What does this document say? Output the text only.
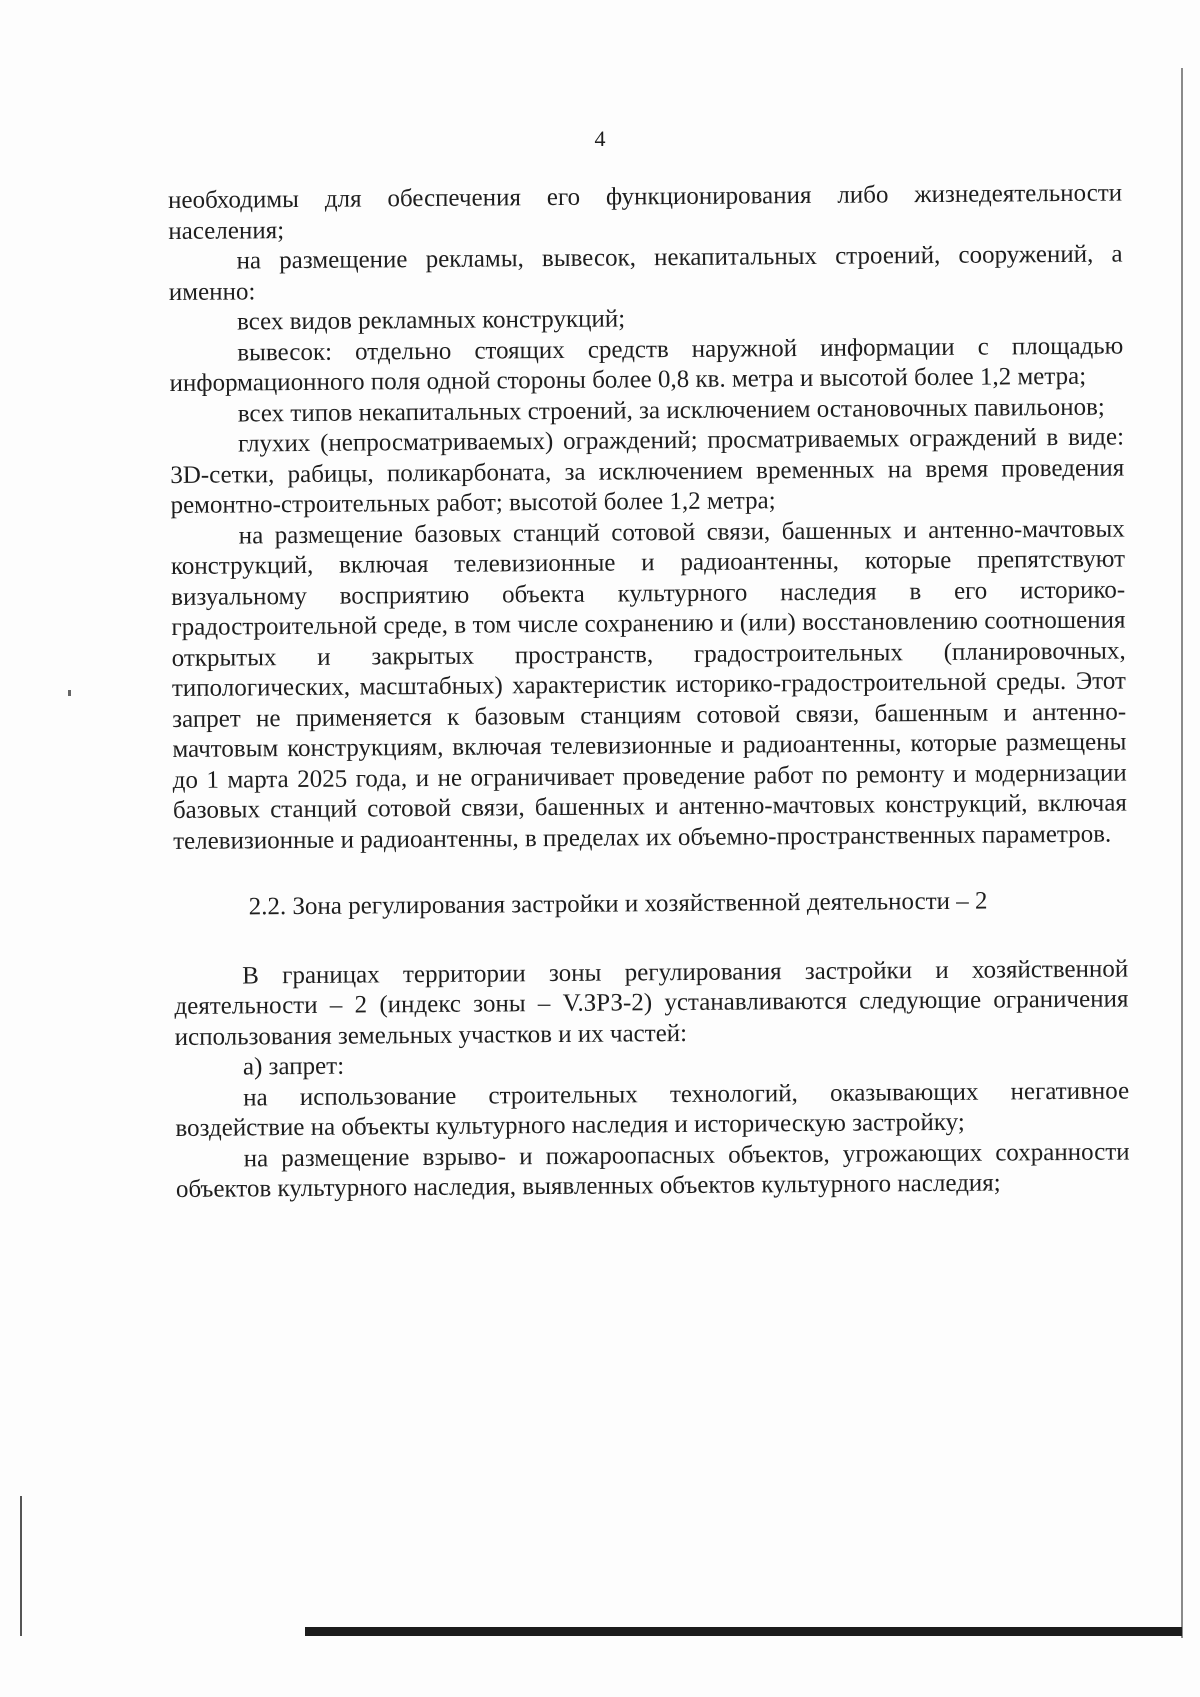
4

необходимы для обеспечения его функционирования либо жизнедеятельности населения;

на размещение рекламы, вывесок, некапитальных строений, сооружений, а именно:

всех видов рекламных конструкций;

вывесок: отдельно стоящих средств наружной информации с площадью информационного поля одной стороны более 0,8 кв. метра и высотой более 1,2 метра;

всех типов некапитальных строений, за исключением остановочных павильонов;

глухих (непросматриваемых) ограждений; просматриваемых ограждений в виде: 3D-сетки, рабицы, поликарбоната, за исключением временных на время проведения ремонтно-строительных работ; высотой более 1,2 метра;

на размещение базовых станций сотовой связи, башенных и антенно-мачтовых конструкций, включая телевизионные и радиоантенны, которые препятствуют визуальному восприятию объекта культурного наследия в его историко-градостроительной среде, в том числе сохранению и (или) восстановлению соотношения открытых и закрытых пространств, градостроительных (планировочных, типологических, масштабных) характеристик историко-градостроительной среды. Этот запрет не применяется к базовым станциям сотовой связи, башенным и антенно-мачтовым конструкциям, включая телевизионные и радиоантенны, которые размещены до 1 марта 2025 года, и не ограничивает проведение работ по ремонту и модернизации базовых станций сотовой связи, башенных и антенно-мачтовых конструкций, включая телевизионные и радиоантенны, в пределах их объемно-пространственных параметров.

2.2. Зона регулирования застройки и хозяйственной деятельности – 2

В границах территории зоны регулирования застройки и хозяйственной деятельности – 2 (индекс зоны – V.ЗРЗ-2) устанавливаются следующие ограничения использования земельных участков и их частей:

а) запрет:

на использование строительных технологий, оказывающих негативное воздействие на объекты культурного наследия и историческую застройку;

на размещение взрыво- и пожароопасных объектов, угрожающих сохранности объектов культурного наследия, выявленных объектов культурного наследия;
